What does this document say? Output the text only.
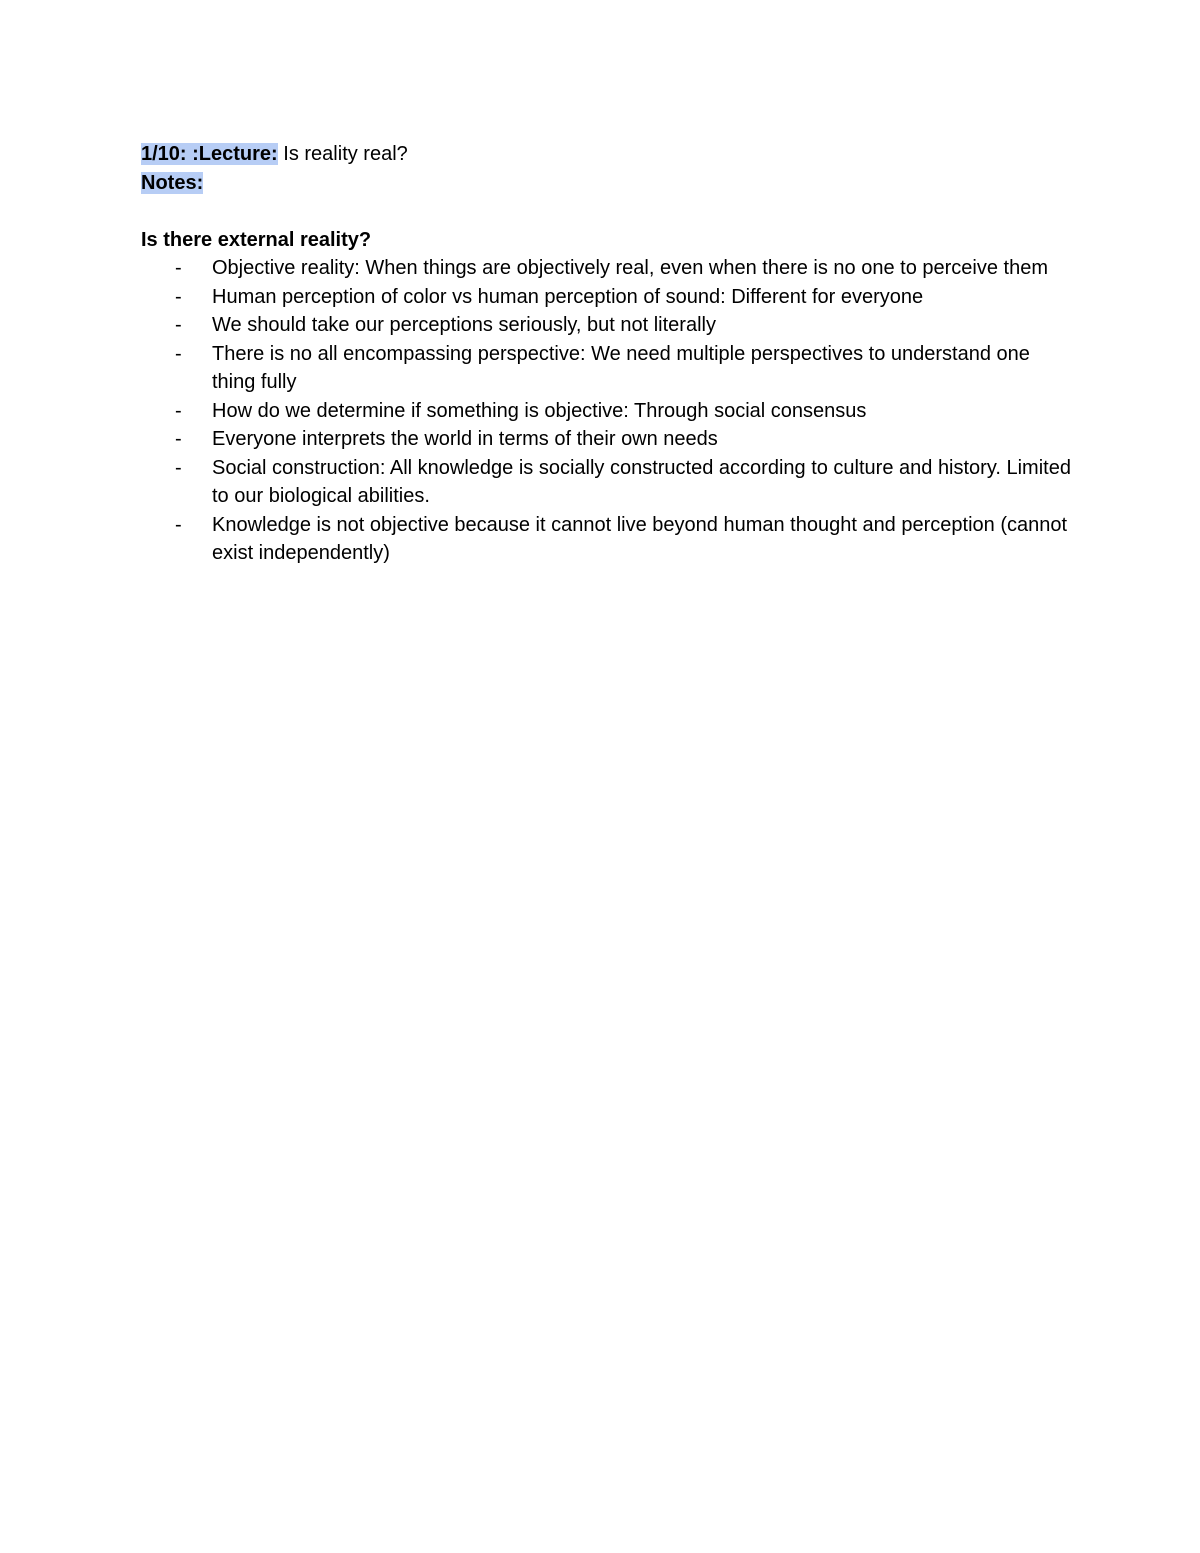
1/10: :Lecture: Is reality real?
Notes:
Is there external reality?
- Objective reality: When things are objectively real, even when there is no one to perceive them
- Human perception of color vs human perception of sound: Different for everyone
- We should take our perceptions seriously, but not literally
- There is no all encompassing perspective: We need multiple perspectives to understand one thing fully
- How do we determine if something is objective: Through social consensus
- Everyone interprets the world in terms of their own needs
- Social construction: All knowledge is socially constructed according to culture and history. Limited to our biological abilities.
- Knowledge is not objective because it cannot live beyond human thought and perception (cannot exist independently)
